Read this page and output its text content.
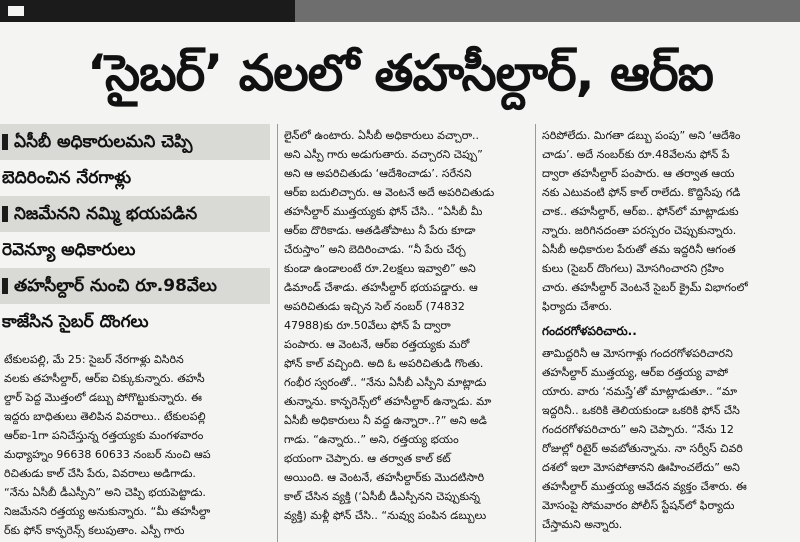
‘సైబర్’ వలలో తహసీల్దార్, ఆర్ఐ
ఏసీబీ అధికారులమని చెప్పి
బెదిరించిన నేరగాళ్లు
నిజమేనని నమ్మి భయపడిన
రెవెన్యూ అధికారులు
తహసీల్దార్ నుంచి రూ.98వేలు
కాజేసిన సైబర్ దొంగలు
టేకులపల్లి, మే 25: సైబర్ నేరగాళ్లు విసిరిన
వలకు తహసీల్దార్, ఆర్ఐ చిక్కుకున్నారు. తహసీ
ల్దార్ పెద్ద మొత్తంలో డబ్బు పోగొట్టుకున్నారు. ఈ
ఇద్దరు బాధితులు తెలిపిన వివరాలు.. టేకులపల్లి
ఆర్ఐ-1గా పనిచేస్తున్న రత్తయ్యకు మంగళవారం
మధ్యాహ్నం 96638 60633 నంబర్ నుంచి ఆప
రిచితుడు కాల్ చేసి పేరు, వివరాలు అడిగాడు.
“నేను ఏసీబీ డీఎస్పీని” అని చెప్పి భయపెట్టాడు.
నిజమేనని రత్తయ్య అనుకున్నారు. “మీ తహసీల్దా
ర్‌కు ఫోన్ కాన్ఫరెన్స్ కలుపుతాం. ఎస్పీ గారు
లైన్‌లో ఉంటారు. ఏసీబీ అధికారులు వచ్చారా..
అని ఎస్పీ గారు అడుగుతారు. వచ్చారని చెప్పు”
అని ఆ అపరిచితుడు ‘ఆదేశించాడు’. సరేనని
ఆర్ఐ బదులిచ్చారు. ఆ వెంటనే అదే అపరిచితుడు
తహసీల్దార్ ముత్తయ్యకు ఫోన్ చేసి.. “ఏసీబీ మీ
ఆర్ఐ దొరికాడు. ఆతడితోపాటు నీ పేరు కూడా
చేరుస్తాం” అని బెదిరించాడు. “నీ పేరు చేర్చ
కుండా ఉండాలంటే రూ.2లక్షలు ఇవ్వాలి” అని
డిమాండ్ చేశాడు. తహసీల్దార్ భయపడ్డారు. ఆ
అపరిచితుడు ఇచ్చిన సెల్ నంబర్ (74832
47988)కు రూ.50వేలు ఫోన్ పే ద్వారా
పంపారు. ఆ వెంటనే, ఆర్ఐ రత్తయ్యకు మరో
ఫోన్ కాల్ వచ్చింది. అది ఓ అపరిచితుడి గొంతు.
గంభీర స్వరంతో.. “నేను ఏసీబీ ఎస్పీని మాట్లాడు
తున్నాను. కాన్ఫరెన్స్‌లో తహసీల్దార్ ఉన్నాడు. మా
ఏసీబీ అధికారులు నీ వద్ద ఉన్నారా..?” అని అడి
గాడు. “ఉన్నారు..” అని, రత్తయ్య భయం
భయంగా చెప్పారు. ఆ తర్వాత కాల్ కట్
అయింది. ఆ వెంటనే, తహసీల్దార్‌కు మొదటిసారి
కాల్ చేసిన వ్యక్తి (‘ఏసీబీ డీఎస్పీనని చెప్పుకున్న
వ్యక్తి) మళ్లీ ఫోన్ చేసి.. “నువ్వు పంపిన డబ్బులు
సరిపోలేదు. మిగతా డబ్బు పంపు” అని ‘ఆదేశిం
చాడు’. అదే నంబర్‌కు రూ.48వేలను ఫోన్ పే
ద్వారా తహసీల్దార్ పంపారు. ఆ తర్వాత ఆయ
నకు ఎటువంటి ఫోన్ కాల్ రాలేదు. కొద్దిసేపు గడి
చాక.. తహసీల్దార్, ఆర్ఐ.. ఫోన్‌లో మాట్లాడుకు
న్నారు. జరిగినదంతా పరస్పరం చెప్పుకున్నారు.
ఏసీబీ అధికారుల పేరుతో తమ ఇద్దరినీ ఆగంత
కులు (సైబర్ దొంగలు) మోసగించారని గ్రహిం
చారు. తహసీల్దార్ వెంటనే సైబర్ క్రైమ్ విభాగంలో
ఫిర్యాదు చేశారు.
గందరగోళపరిచారు..
తామిద్దరినీ ఆ మోసగాళ్లు గందరగోళపరిచారని
తహసీల్దార్ ముత్తయ్య, ఆర్ఐ రత్తయ్య వాపో
యారు. వారు ‘నమస్తే’తో మాట్లాడుతూ.. “మా
ఇద్దరినీ.. ఒకరికి తెలియకుండా ఒకరికి ఫోన్ చేసి
గందరగోళపరిచారు” అని చెప్పారు. “నేను 12
రోజుల్లో రిటైర్ అవబోతున్నాను. నా సర్వీస్ చివరి
దశలో ఇలా మోసపోతానని ఊహించలేదు” అని
తహసీల్దార్ ముత్తయ్య ఆవేదన వ్యక్తం చేశారు. ఈ
మోసంపై సోమవారం పోలీస్ స్టేషన్‌లో ఫిర్యాదు
చేస్తామని అన్నారు.
